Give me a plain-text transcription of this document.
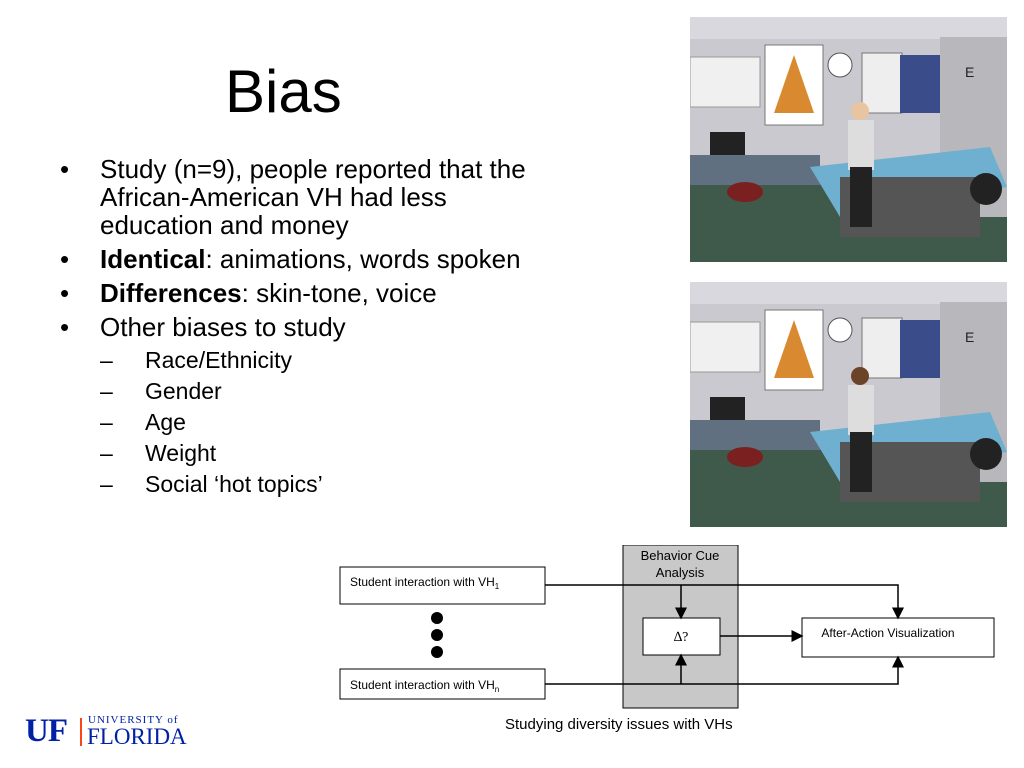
Bias
• Study (n=9), people reported that the African-American VH had less education and money
• Identical: animations, words spoken
• Differences: skin-tone, voice
• Other biases to study
– Race/Ethnicity
– Gender
– Age
– Weight
– Social ‘hot topics’
E
E
Behavior Cue
Analysis
Student interaction with $VH_1$
Student interaction with $VH_n$
∆?	After-Action Visualization
Studying diversity issues with VHs
UF UNIVERSITY of
FLORIDA
